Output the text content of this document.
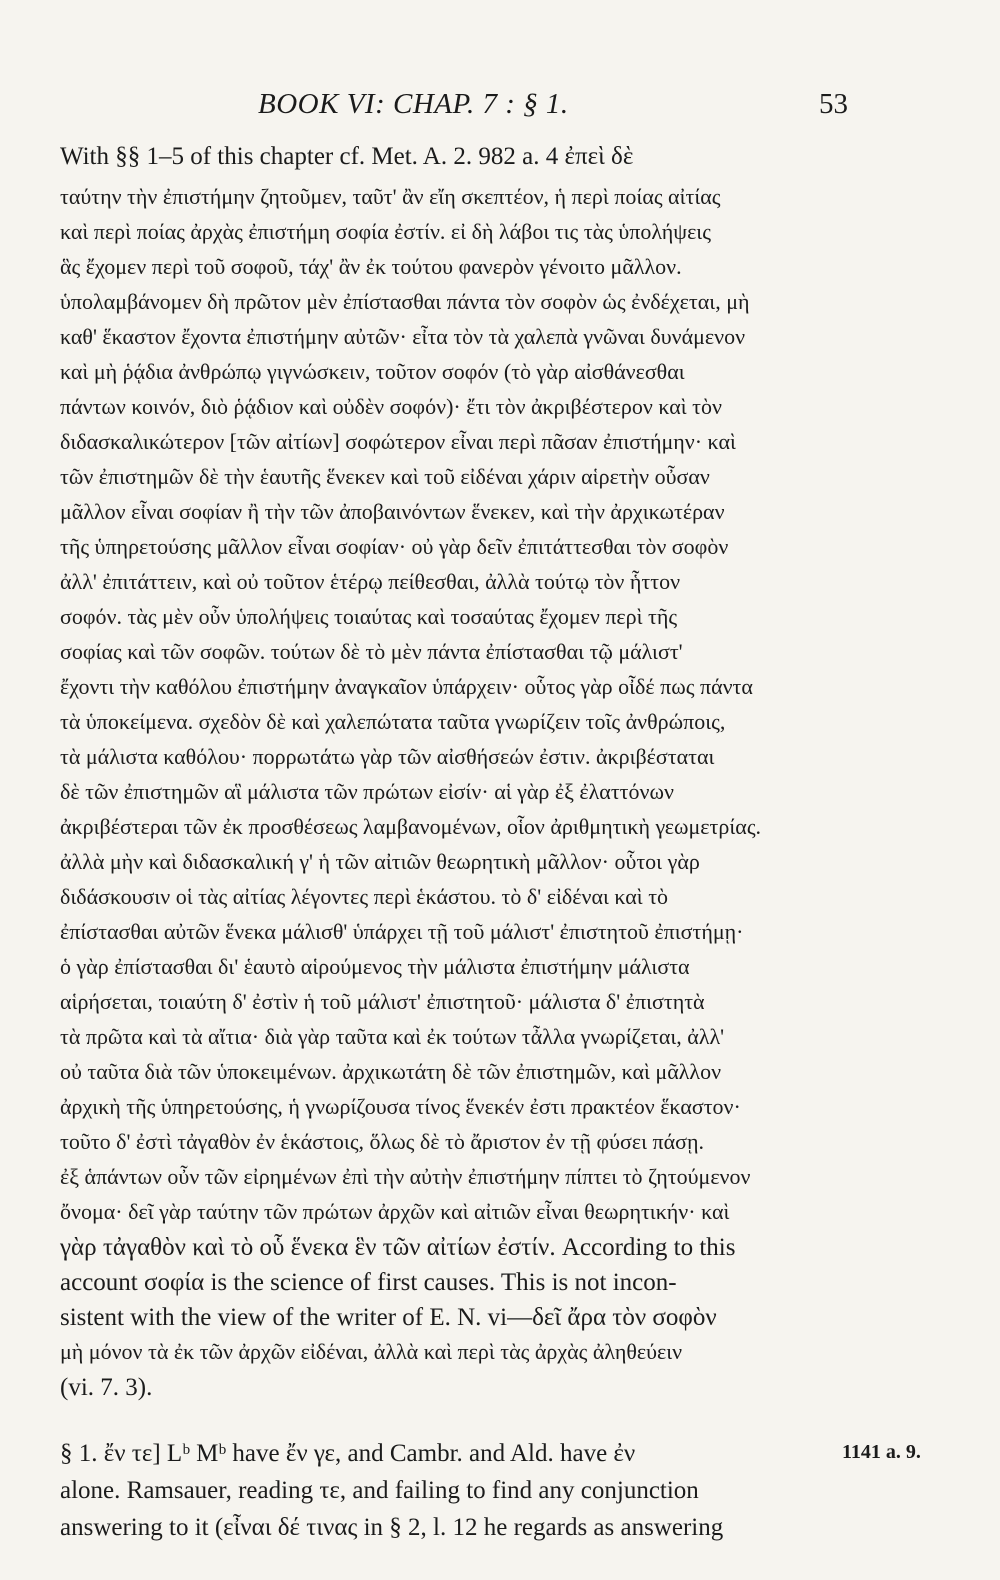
BOOK VI: CHAP. 7 : § 1.	53
With §§ 1–5 of this chapter cf. Met. A. 2. 982 a. 4 ἐπεὶ δὲ
ταύτην τὴν ἐπιστήμην ζητοῦμεν, ταῦτ' ἂν εἴη σκεπτέον, ἡ περὶ ποίας αἰτίας
καὶ περὶ ποίας ἀρχὰς ἐπιστήμη σοφία ἐστίν. εἰ δὴ λάβοι τις τὰς ὑπολήψεις
ἃς ἔχομεν περὶ τοῦ σοφοῦ, τάχ' ἂν ἐκ τούτου φανερὸν γένοιτο μᾶλλον.
ὑπολαμβάνομεν δὴ πρῶτον μὲν ἐπίστασθαι πάντα τὸν σοφὸν ὡς ἐνδέχεται, μὴ
καθ' ἕκαστον ἔχοντα ἐπιστήμην αὐτῶν· εἶτα τὸν τὰ χαλεπὰ γνῶναι δυνάμενον
καὶ μὴ ῥᾴδια ἀνθρώπῳ γιγνώσκειν, τοῦτον σοφόν (τὸ γὰρ αἰσθάνεσθαι
πάντων κοινόν, διὸ ῥᾴδιον καὶ οὐδὲν σοφόν)· ἔτι τὸν ἀκριβέστερον καὶ τὸν
διδασκαλικώτερον [τῶν αἰτίων] σοφώτερον εἶναι περὶ πᾶσαν ἐπιστήμην· καὶ
τῶν ἐπιστημῶν δὲ τὴν ἑαυτῆς ἕνεκεν καὶ τοῦ εἰδέναι χάριν αἱρετὴν οὖσαν
μᾶλλον εἶναι σοφίαν ἢ τὴν τῶν ἀποβαινόντων ἕνεκεν, καὶ τὴν ἀρχικωτέραν
τῆς ὑπηρετούσης μᾶλλον εἶναι σοφίαν· οὐ γὰρ δεῖν ἐπιτάττεσθαι τὸν σοφὸν
ἀλλ' ἐπιτάττειν, καὶ οὐ τοῦτον ἑτέρῳ πείθεσθαι, ἀλλὰ τούτῳ τὸν ἧττον
σοφόν. τὰς μὲν οὖν ὑπολήψεις τοιαύτας καὶ τοσαύτας ἔχομεν περὶ τῆς
σοφίας καὶ τῶν σοφῶν. τούτων δὲ τὸ μὲν πάντα ἐπίστασθαι τῷ μάλιστ'
ἔχοντι τὴν καθόλου ἐπιστήμην ἀναγκαῖον ὑπάρχειν· οὗτος γὰρ οἶδέ πως πάντα
τὰ ὑποκείμενα. σχεδὸν δὲ καὶ χαλεπώτατα ταῦτα γνωρίζειν τοῖς ἀνθρώποις,
τὰ μάλιστα καθόλου· πορρωτάτω γὰρ τῶν αἰσθήσεών ἐστιν. ἀκριβέσταται
δὲ τῶν ἐπιστημῶν αἳ μάλιστα τῶν πρώτων εἰσίν· αἱ γὰρ ἐξ ἐλαττόνων
ἀκριβέστεραι τῶν ἐκ προσθέσεως λαμβανομένων, οἷον ἀριθμητικὴ γεωμετρίας.
ἀλλὰ μὴν καὶ διδασκαλική γ' ἡ τῶν αἰτιῶν θεωρητικὴ μᾶλλον· οὗτοι γὰρ
διδάσκουσιν οἱ τὰς αἰτίας λέγοντες περὶ ἑκάστου. τὸ δ' εἰδέναι καὶ τὸ
ἐπίστασθαι αὐτῶν ἕνεκα μάλισθ' ὑπάρχει τῇ τοῦ μάλιστ' ἐπιστητοῦ ἐπιστήμῃ·
ὁ γὰρ ἐπίστασθαι δι' ἑαυτὸ αἱρούμενος τὴν μάλιστα ἐπιστήμην μάλιστα
αἱρήσεται, τοιαύτη δ' ἐστὶν ἡ τοῦ μάλιστ' ἐπιστητοῦ· μάλιστα δ' ἐπιστητὰ
τὰ πρῶτα καὶ τὰ αἴτια· διὰ γὰρ ταῦτα καὶ ἐκ τούτων τἆλλα γνωρίζεται, ἀλλ'
οὐ ταῦτα διὰ τῶν ὑποκειμένων. ἀρχικωτάτη δὲ τῶν ἐπιστημῶν, καὶ μᾶλλον
ἀρχικὴ τῆς ὑπηρετούσης, ἡ γνωρίζουσα τίνος ἕνεκέν ἐστι πρακτέον ἕκαστον·
τοῦτο δ' ἐστὶ τἀγαθὸν ἐν ἑκάστοις, ὅλως δὲ τὸ ἄριστον ἐν τῇ φύσει πάσῃ.
ἐξ ἁπάντων οὖν τῶν εἰρημένων ἐπὶ τὴν αὐτὴν ἐπιστήμην πίπτει τὸ ζητούμενον
ὄνομα· δεῖ γὰρ ταύτην τῶν πρώτων ἀρχῶν καὶ αἰτιῶν εἶναι θεωρητικήν· καὶ
γὰρ τἀγαθὸν καὶ τὸ οὗ ἕνεκα ἓν τῶν αἰτίων ἐστίν. According to this
account σοφία is the science of first causes. This is not incon-
sistent with the view of the writer of E. N. vi—δεῖ ἄρα τὸν σοφὸν
μὴ μόνον τὰ ἐκ τῶν ἀρχῶν εἰδέναι, ἀλλὰ καὶ περὶ τὰς ἀρχὰς ἀληθεύειν
(vi. 7. 3).
§ 1. ἔν τε] Lᵇ Mᵇ have ἔν γε, and Cambr. and Ald. have ἐν
alone. Ramsauer, reading τε, and failing to find any conjunction
answering to it (εἶναι δέ τινας in § 2, l. 12 he regards as answering
1141 a. 9.
